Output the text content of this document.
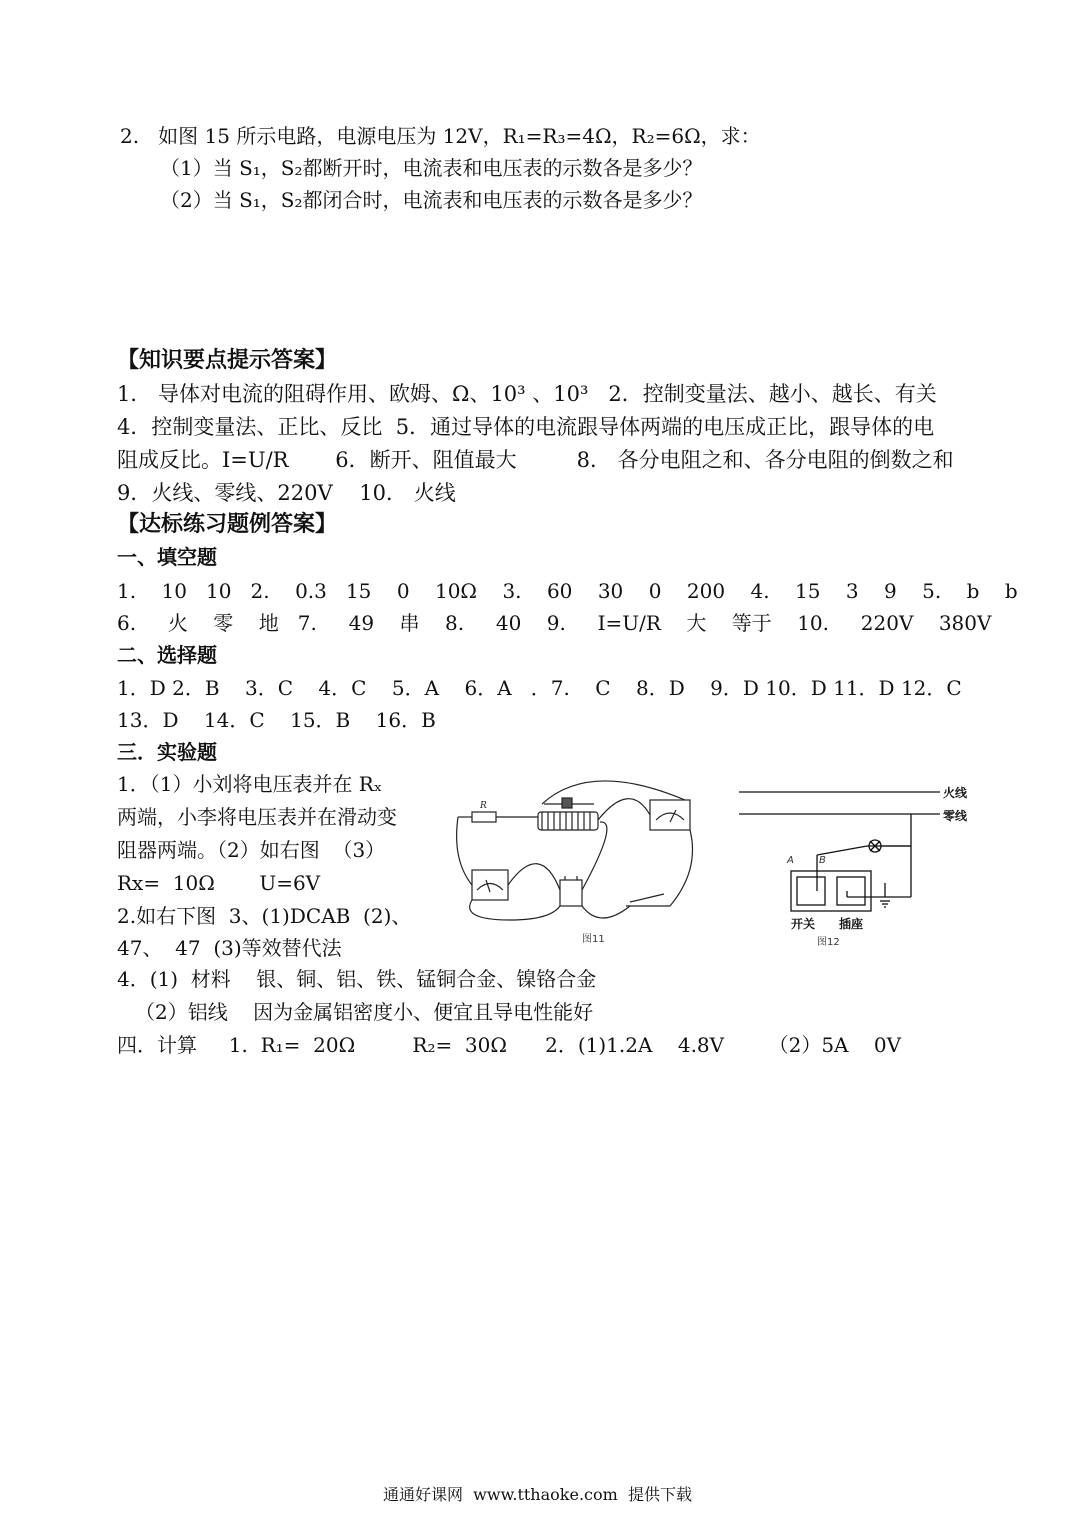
2.   如图 15 所示电路，电源电压为 12V，R₁=R₃=4Ω，R₂=6Ω，求：
（1）当 S₁，S₂都断开时，电流表和电压表的示数各是多少？
（2）当 S₁，S₂都闭合时，电流表和电压表的示数各是多少？
【知识要点提示答案】
1． 导体对电流的阻碍作用、欧姆、Ω、10³ 、10³   2．控制变量法、越小、越长、有关
4．控制变量法、正比、反比  5．通过导体的电流跟导体两端的电压成正比，跟导体的电
阻成反比。I=U/R       6．断开、阻值最大         8． 各分电阻之和、各分电阻的倒数之和
9．火线、零线、220V    10． 火线
【达标练习题例答案】
一、填空题
1.    10   10   2.    0.3   15    0    10Ω    3.    60    30    0    200    4.    15    3    9    5.    b    b
6.     火    零    地   7.     49    串    8.     40    9.     I=U/R    大    等于    10.     220V    380V
二、选择题
1．D 2．B    3．C    4．C    5．A    6．A   ．7.    C    8．D    9．D 10．D 11．D 12．C
13．D    14．C    15．B    16．B
三．实验题
1．（1）小刘将电压表并在 Rₓ
两端，小李将电压表并在滑动变
阻器两端。（2）如右图  （3）
Rx=  10Ω       U=6V
2.如右下图  3、(1)DCAB  (2)、
47、  47  (3)等效替代法
4．(1)  材料    银、铜、铝、铁、锰铜合金、镍铬合金
（2）铝线    因为金属铝密度小、便宜且导电性能好
四．计算     1.  R₁=  20Ω         R₂=  30Ω      2．(1)1.2A    4.8V       （2）5A    0V
R
图11
火线
零线
A	B
开关 插座
图12
通通好课网  www.tthaoke.com  提供下载
